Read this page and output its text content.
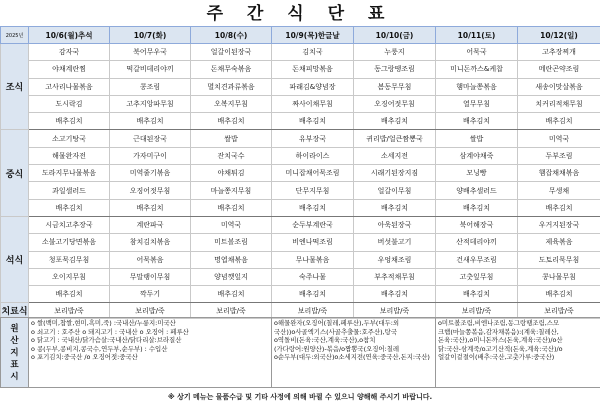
주 간 식 단 표
2025년	10/6(월)추석	10/7(화)	10/8(수)	10/9(목)한글날	10/10(금)	10/11(토)	10/12(일)
조식	감자국	북어무우국	얼갈이된장국	김치국	누룽지	어묵국	고추장찌개
	야채계란찜	떡갈비데리야끼	돈채무숙볶음	돈채피망볶음	동그랑땡조림	미니돈까스&케찹	메란곤약조림
	고사리나물볶음	콩조림	멸치견과류볶음	파래김&양념장	봄동무무침	햄마늘쫑볶음	새송이맛살볶음
	도시락김	고추지앙파무침	오복지무침	짜사이채무침	오징어젓무침	열무무침	치커리적채무침
	배추김치	배추김치	배추김치	배추김치	배추김치	배추김치	배추김치
중식	소고기탕국	근대된장국	쌀밥	유부장국	귀리밥/얼큰짬뽕국	쌀밥	미역국
	해물완자전	가자미구이	잔치국수	하이라이스	소세지전	삼계야채죽	두부조림
	도라지무나물볶음	미역줄기볶음	야채튀김	미니잡채어묵조림	시래기된장지짐	모닝빵	햄잡채채볶음
	과일샐러드	오징어젓무침	마늘쫑지무침	단무지무침	얼갈이무침	양배추샐러드	무생채
	배추김치	배추김치	배추김치	배추김치	배추김치	배추김치	배추김치
석식	시금치고추장국	계란파국	미역국	순두부계란국	아욱된장국	북어해장국	우거지된장국
	소불고기당면볶음	참치김치볶음	미트볼조림	비엔나떡조림	버섯불고기	산적데리야끼	제육볶음
	청포묵김무침	어묵볶음	명엽채볶음	무나물볶음	우엉채조림	건새우무조림	도토리묵무침
	오이지무침	무말랭이무침	양념깻잎지	숙주나물	부추적채무침	고춧잎무침	콩나물무침
	배추김치	깍두기	배추김치	배추김치	배추김치	배추김치	배추김치
치료식	보리밥/죽	보리밥/죽	보리밥/죽	보리밥/죽	보리밥/죽	보리밥/죽	보리밥/죽
원
산
지
표
시

o 쌀(백미,찹쌀,현미,흑미,죽) :국내산/누룽지:미국산
o 쇠고기 : 호주산 o 돼지고기 : 국내산 o 오징어 : 페루산
o 닭고기 : 국내산/닭가슴살:국내산/닭다리살:브라질산
o 콩(두부,콩비지,콩국수,연두부,순두부) : 수입산
o 포기김치:중국산 /o 오징어젓:중국산

o해물완자(오징어(칠레,페루산),두부(대두:외
국산))o사골엑기스(사골추출물:호주산),탕국
o역돌비(돈육:국산,계육:국산),o참치
(가다랑어:원양산)-볶음/o짬뽕국(오징어:칠레
o순두부(대두:외국산)o소세지전(연육:중국산,돈지:국산)

o미트볼조림,비엔나조림,동그랑땡조림,스모
크햄(마늘쫑볶음,감자채볶음):(계육:칠레산,
돈육:국산),o미니돈까스(돈육,계육:국산)/o산
닭:국산-삼계죽/o고기산적(돈육,계육:국산)/o
얼갈이겉절이(배추:국산,고춧가루:중국산)
※ 상기 메뉴는 물품수급 및 기타 사정에 의해 바뀔 수 있으니 양해해 주시기 바랍니다.
